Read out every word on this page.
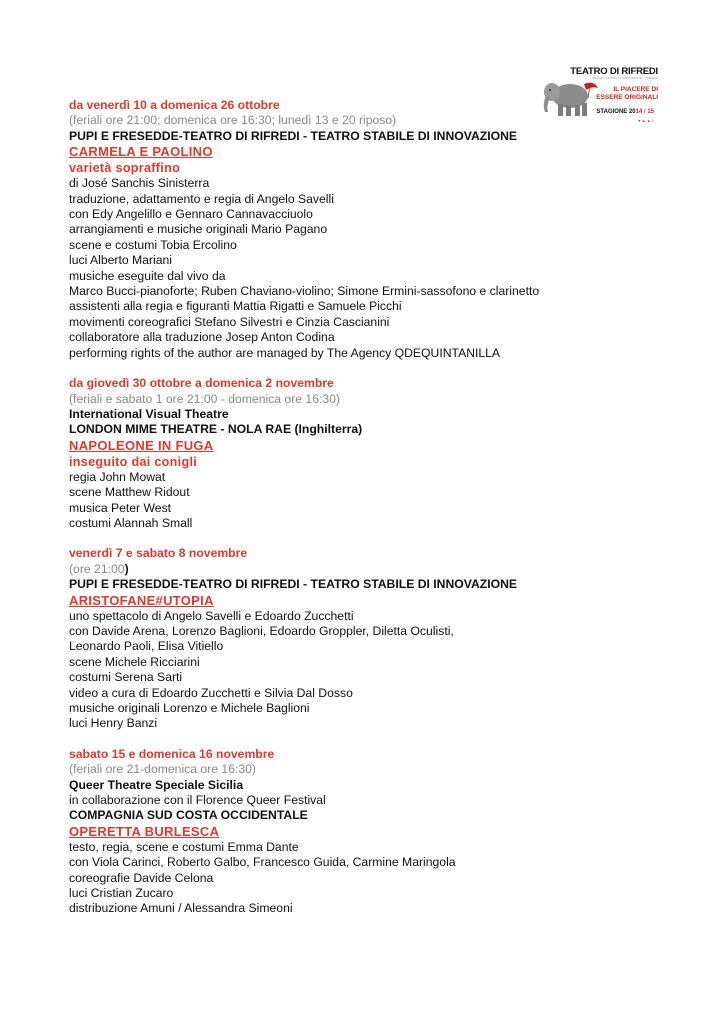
TEATRO DI RIFREDI
TEATRO STABILE DI INNOVAZIONE · FIRENZE
IL PIACERE DI
ESSERE ORIGINALI
STAGIONE 2014 / 15
♥ ▲ ▲ 1
da venerdì 10 a domenica 26 ottobre
(feriali ore 21:00; domenica ore 16:30; lunedì 13 e 20 riposo)
PUPI E FRESEDDE-TEATRO DI RIFREDI - TEATRO STABILE DI INNOVAZIONE
CARMELA E PAOLINO
varietà sopraffino
di José Sanchis Sinisterra
traduzione, adattamento e regia di Angelo Savelli
con Edy Angelillo e Gennaro Cannavacciuolo
arrangiamenti e musiche originali Mario Pagano
scene e costumi Tobia Ercolino
luci Alberto Mariani
musiche eseguite dal vivo da
Marco Bucci-pianoforte; Ruben Chaviano-violino; Simone Ermini-sassofono e clarinetto
assistenti alla regia e figuranti Mattia Rigatti e Samuele Picchi
movimenti coreografici Stefano Silvestri e Cinzia Cascianini
collaboratore alla traduzione Josep Anton Codina
performing rights of the author are managed by The Agency QDEQUINTANILLA
da giovedì 30 ottobre a domenica 2 novembre
(feriali e sabato 1 ore 21:00 - domenica ore 16:30)
International Visual Theatre
LONDON MIME THEATRE - NOLA RAE (Inghilterra)
NAPOLEONE IN FUGA
inseguito dai conigli
regia John Mowat
scene Matthew Ridout
musica Peter West
costumi Alannah Small
venerdì 7 e sabato 8 novembre
(ore 21:00)
PUPI E FRESEDDE-TEATRO DI RIFREDI - TEATRO STABILE DI INNOVAZIONE
ARISTOFANE#UTOPIA
uno spettacolo di Angelo Savelli e Edoardo Zucchetti
con Davide Arena, Lorenzo Baglioni, Edoardo Groppler, Diletta Oculisti,
Leonardo Paoli, Elisa Vitiello
scene Michele Ricciarini
costumi Serena Sarti
video a cura di Edoardo Zucchetti e Silvia Dal Dosso
musiche originali Lorenzo e Michele Baglioni
luci Henry Banzi
sabato 15 e domenica 16 novembre
(feriali ore 21-domenica ore 16:30)
Queer Theatre Speciale Sicilia
in collaborazione con il Florence Queer Festival
COMPAGNIA SUD COSTA OCCIDENTALE
OPERETTA BURLESCA
testo, regia, scene e costumi Emma Dante
con Viola Carinci, Roberto Galbo, Francesco Guida, Carmine Maringola
coreografie Davide Celona
luci Cristian Zucaro
distribuzione Amuni / Alessandra Simeoni
